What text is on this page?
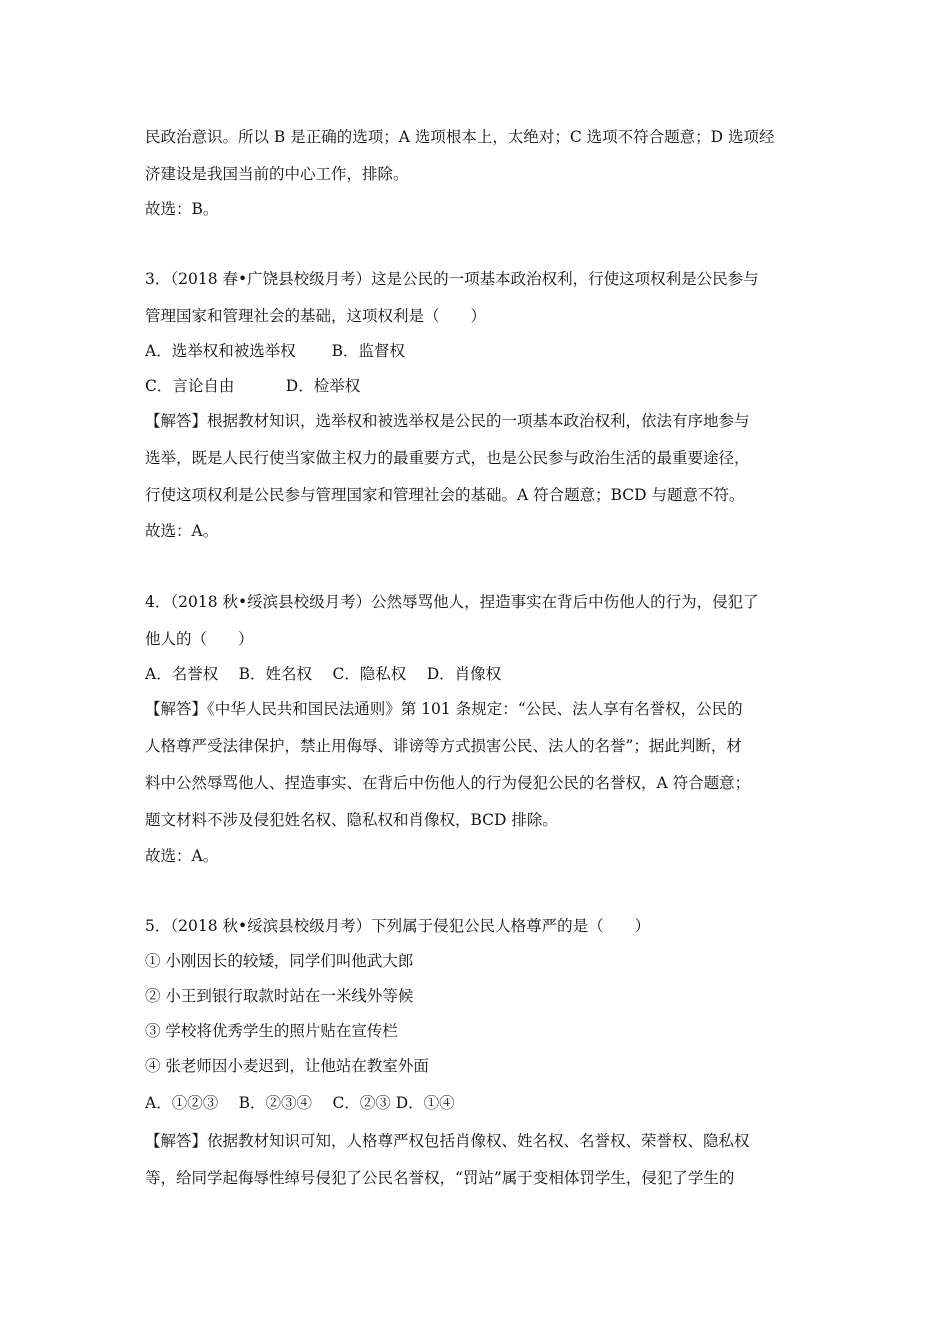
民政治意识。所以 B 是正确的选项；A 选项根本上，太绝对；C 选项不符合题意；D 选项经
济建设是我国当前的中心工作，排除。
故选：B。
3．（2018 春•广饶县校级月考）这是公民的一项基本政治权利，行使这项权利是公民参与
管理国家和管理社会的基础，这项权利是（　　）
A．选举权和被选举权　　 B．监督权
C．言论自由　　　 D．检举权
【解答】根据教材知识，选举权和被选举权是公民的一项基本政治权利，依法有序地参与
选举，既是人民行使当家做主权力的最重要方式，也是公民参与政治生活的最重要途径，
行使这项权利是公民参与管理国家和管理社会的基础。A 符合题意；BCD 与题意不符。
故选：A。
4．（2018 秋•绥滨县校级月考）公然辱骂他人，捏造事实在背后中伤他人的行为，侵犯了
他人的（　　）
A．名誉权　 B．姓名权　 C．隐私权　 D．肖像权
【解答】《中华人民共和国民法通则》第 101 条规定：“公民、法人享有名誉权，公民的
人格尊严受法律保护，禁止用侮辱、诽谤等方式损害公民、法人的名誉”；据此判断，材
料中公然辱骂他人、捏造事实、在背后中伤他人的行为侵犯公民的名誉权，A 符合题意；
题文材料不涉及侵犯姓名权、隐私权和肖像权，BCD 排除。
故选：A。
5．（2018 秋•绥滨县校级月考）下列属于侵犯公民人格尊严的是（　　）
① 小刚因长的较矮，同学们叫他武大郎
② 小王到银行取款时站在一米线外等候
③ 学校将优秀学生的照片贴在宣传栏
④ 张老师因小麦迟到，让他站在教室外面
A．①②③　 B．②③④　 C．②③ D．①④
【解答】依据教材知识可知，人格尊严权包括肖像权、姓名权、名誉权、荣誉权、隐私权
等，给同学起侮辱性绰号侵犯了公民名誉权，“罚站”属于变相体罚学生，侵犯了学生的
